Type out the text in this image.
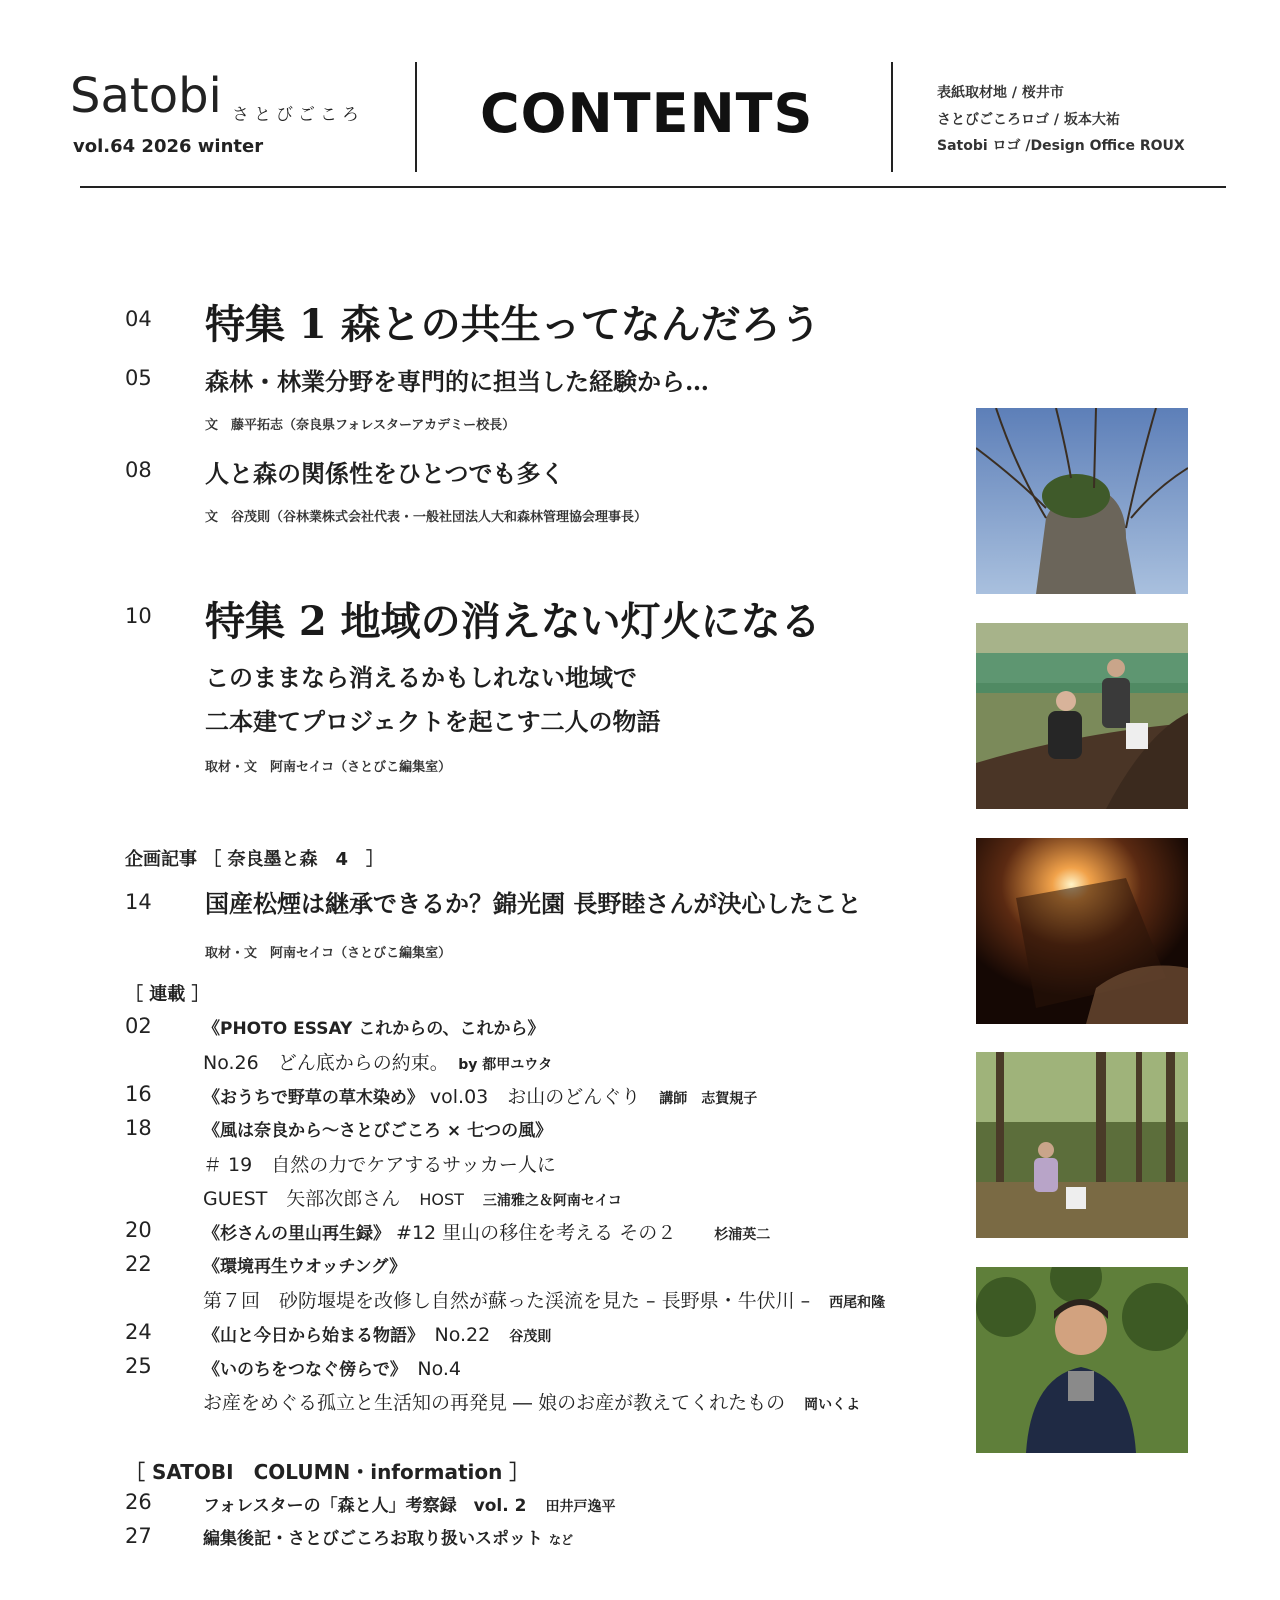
Satobi さとびごころ
vol.64 2026 winter
CONTENTS	表紙取材地 / 桜井市
さとびごころロゴ / 坂本大祐
Satobi ロゴ /Design Office ROUX
04 特集 1 森との共生ってなんだろう
05 森林・林業分野を専門的に担当した経験から…
文　藤平拓志（奈良県フォレスターアカデミー校長）
08 人と森の関係性をひとつでも多く
文　谷茂則（谷林業株式会社代表・一般社団法人大和森林管理協会理事長）
10 特集 2 地域の消えない灯火になる
このままなら消えるかもしれない地域で
二本建てプロジェクトを起こす二人の物語
取材・文　阿南セイコ（さとびこ編集室）
企画記事 ［ 奈良墨と森　4　］
14 国産松煙は継承できるか？錦光園 長野睦さんが決心したこと
取材・文　阿南セイコ（さとびこ編集室）
［ 連載 ］
02	《PHOTO ESSAY これからの、これから》
No.26　どん底からの約束。　 by 都甲ユウタ
16	《おうちで野草の草木染め》 vol.03　お山のどんぐり　 講師　志賀規子
18	《風は奈良から〜さとびごころ × 七つの風》
＃ 19　自然の力でケアするサッカー人に
GUEST　矢部次郎さん　 HOST　 三浦雅之＆阿南セイコ
20	《杉さんの里山再生録》 #12 里山の移住を考える その２　　	杉浦英二
22	《環境再生ウオッチング》
第７回　砂防堰堤を改修し自然が蘇った渓流を見た – 長野県・牛伏川 –　 西尾和隆
24	《山と今日から始まる物語》　 No.22　 谷茂則
25	《いのちをつなぐ傍らで》　 No.4
お産をめぐる孤立と生活知の再発見 ― 娘のお産が教えてくれたもの　 岡いくよ
［ SATOBI　COLUMN・information ］
26	フォレスターの「森と人」考察録　vol. 2　 田井戸逸平
27	編集後記・さとびごころお取り扱いスポット など
